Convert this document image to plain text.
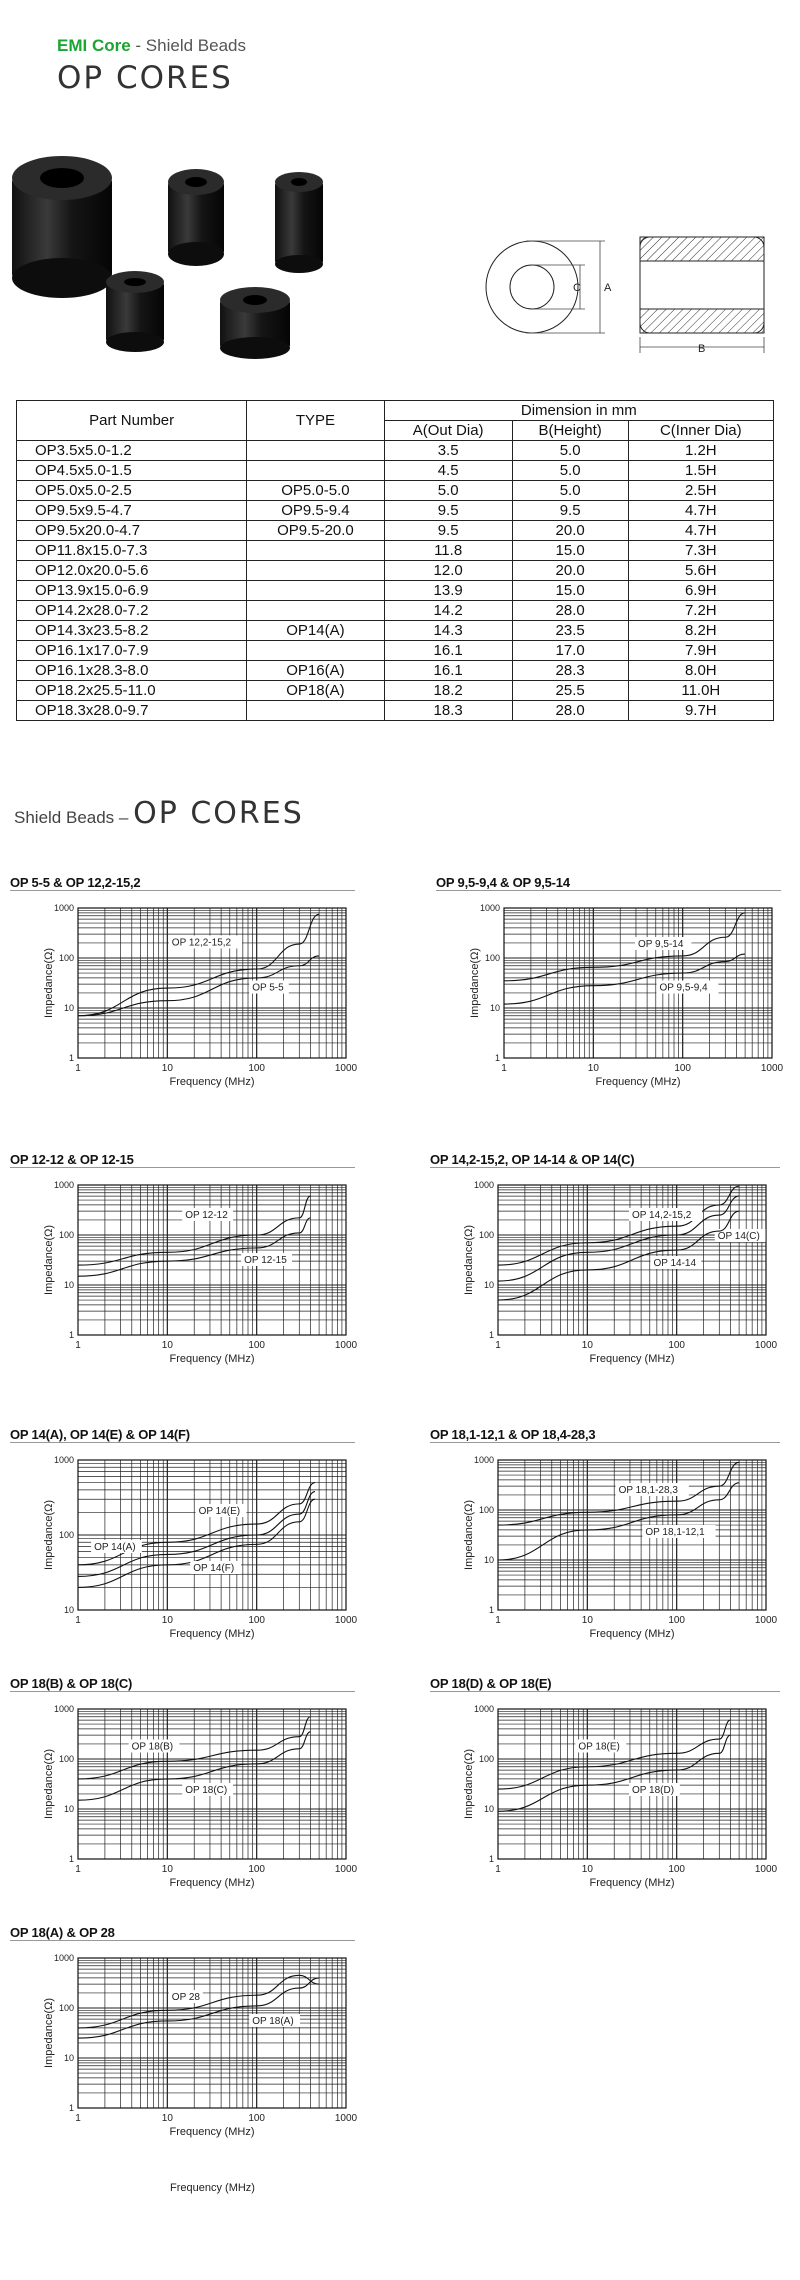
EMI Core - Shield Beads
OP CORES
C A
B
Part Number	TYPE	Dimension in mm		
		A(Out Dia)	B(Height)	C(Inner Dia)
OP3.5x5.0-1.2		3.5	5.0	1.2H
OP4.5x5.0-1.5		4.5	5.0	1.5H
OP5.0x5.0-2.5	OP5.0-5.0	5.0	5.0	2.5H
OP9.5x9.5-4.7	OP9.5-9.4	9.5	9.5	4.7H
OP9.5x20.0-4.7	OP9.5-20.0	9.5	20.0	4.7H
OP11.8x15.0-7.3		11.8	15.0	7.3H
OP12.0x20.0-5.6		12.0	20.0	5.6H
OP13.9x15.0-6.9		13.9	15.0	6.9H
OP14.2x28.0-7.2		14.2	28.0	7.2H
OP14.3x23.5-8.2	OP14(A)	14.3	23.5	8.2H
OP16.1x17.0-7.9		16.1	17.0	7.9H
OP16.1x28.3-8.0	OP16(A)	16.1	28.3	8.0H
OP18.2x25.5-11.0	OP18(A)	18.2	25.5	11.0H
OP18.3x28.0-9.7		18.3	28.0	9.7H
Shield Beads – OP CORES
OP 5-5 & OP 12,2-15,2
1	10	100	1000
1000
100
10
1
Frequency (MHz)
Impedance(Ω)
OP 12,2-15,2
OP 5-5
OP 9,5-9,4 & OP 9,5-14
1	10	100	1000
1000
100
10
1
Frequency (MHz)
Impedance(Ω)
OP 9,5-14
OP 9,5-9,4
OP 12-12 & OP 12-15
1	10	100	1000
1000
100
10
1
Frequency (MHz)
Impedance(Ω)
OP 12-12
OP 12-15
OP 14,2-15,2, OP 14-14 & OP 14(C)
1	10	100	1000
1000
100
10
1
Frequency (MHz)
Impedance(Ω)
OP 14,2-15,2
OP 14(C)
OP 14-14
OP 14(A), OP 14(E) & OP 14(F)
1	10	100	1000
1000
100
10
Frequency (MHz)
Impedance(Ω)	OP 14(E)
OP 14(A)
OP 14(F)
OP 18,1-12,1 & OP 18,4-28,3
1	10	100	1000
1000
100
10
1
Frequency (MHz)
Impedance(Ω)
OP 18,1-28,3
OP 18,1-12,1
OP 18(B) & OP 18(C)
1	10	100	1000
1000
100
10
1
Frequency (MHz)
Impedance(Ω)
OP 18(B)
OP 18(C)
OP 18(D) & OP 18(E)
1	10	100	1000
1000
100
10
1
Frequency (MHz)
Impedance(Ω)
OP 18(E)
OP 18(D)
OP 18(A) & OP 28
1	10	100	1000
1000
100
10
1
Frequency (MHz)
Impedance(Ω)
OP 28
OP 18(A)
Frequency (MHz)
